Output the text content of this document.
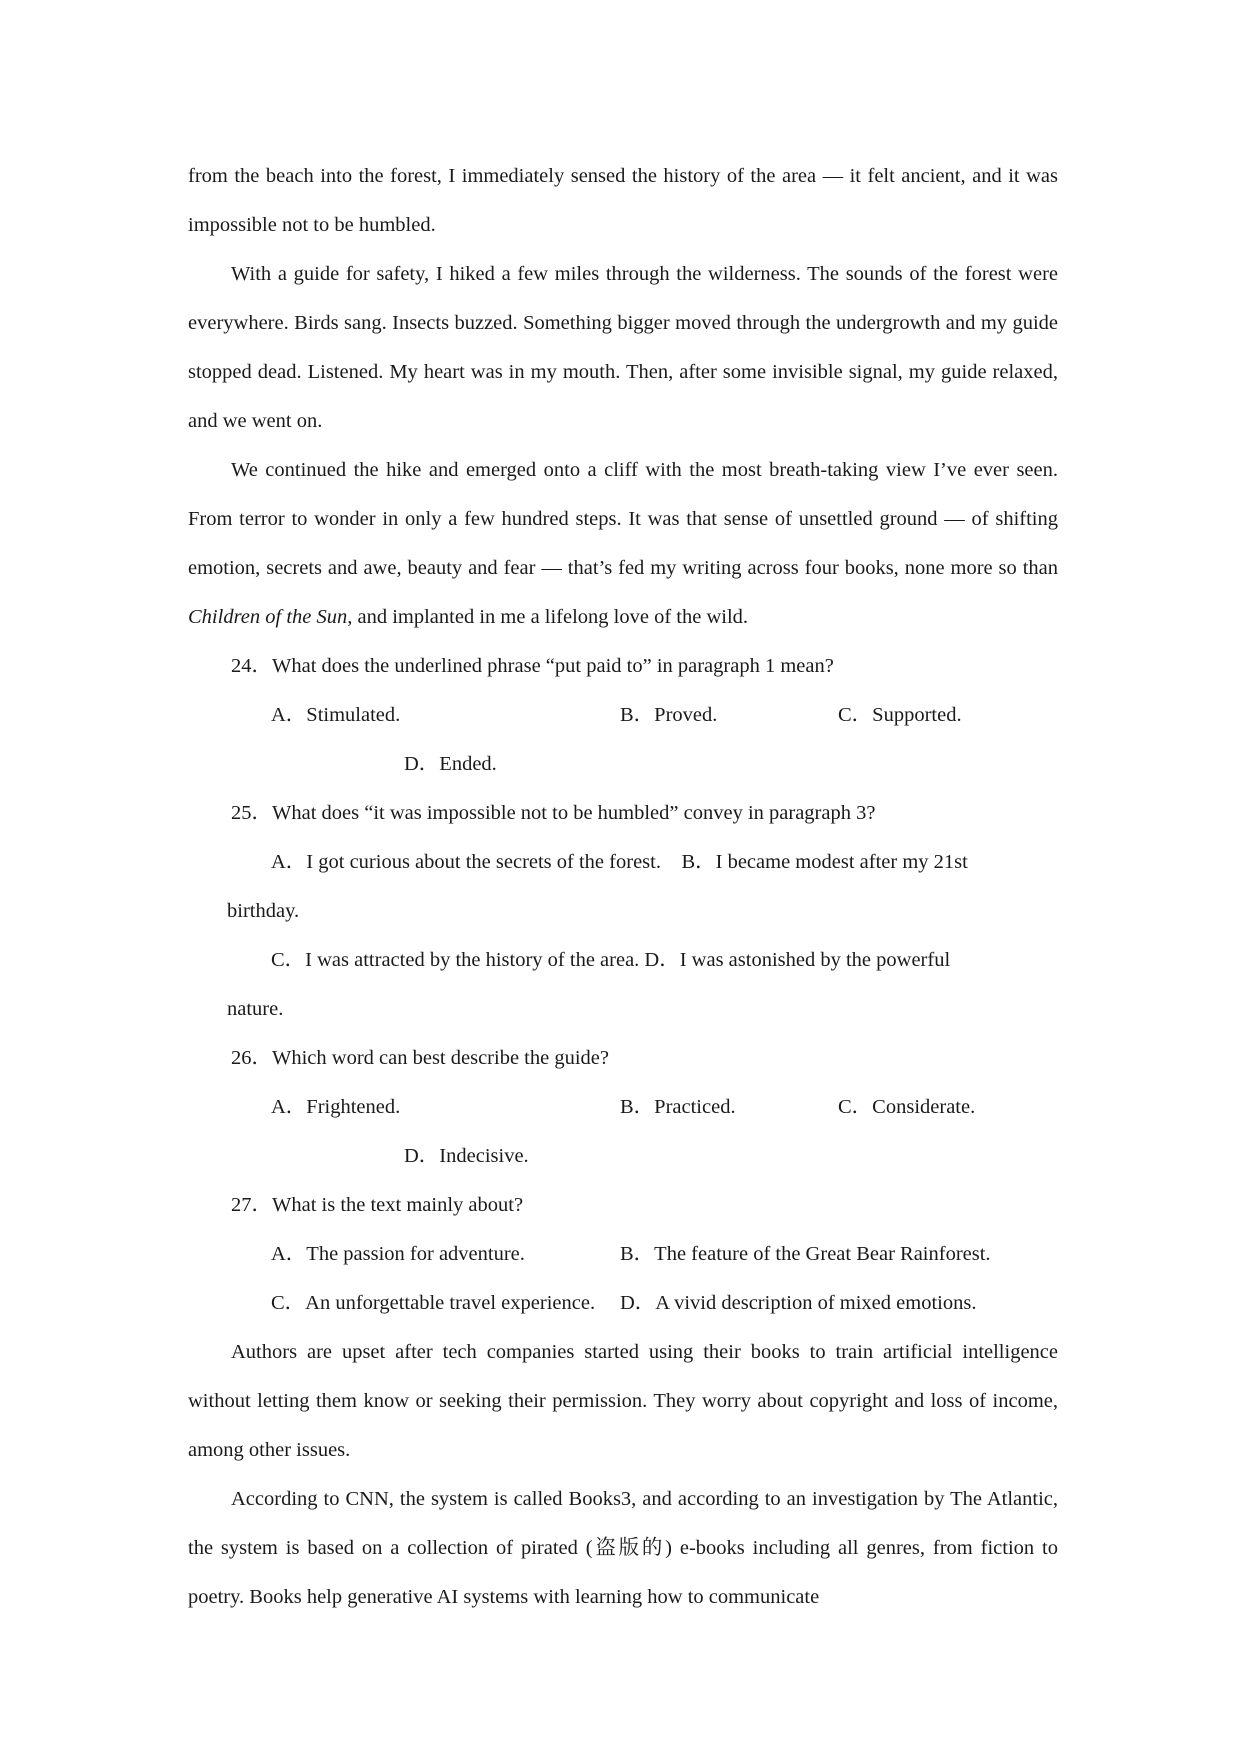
from the beach into the forest, I immediately sensed the history of the area — it felt ancient, and it was impossible not to be humbled.

With a guide for safety, I hiked a few miles through the wilderness. The sounds of the forest were everywhere. Birds sang. Insects buzzed. Something bigger moved through the undergrowth and my guide stopped dead. Listened. My heart was in my mouth. Then, after some invisible signal, my guide relaxed, and we went on.

We continued the hike and emerged onto a cliff with the most breath-taking view I’ve ever seen. From terror to wonder in only a few hundred steps. It was that sense of unsettled ground — of shifting emotion, secrets and awe, beauty and fear — that’s fed my writing across four books, none more so than Children of the Sun, and implanted in me a lifelong love of the wild.

24．What does the underlined phrase “put paid to” in paragraph 1 mean?

A．Stimulated.	B．Proved.	C．Supported.
D．Ended.

25．What does “it was impossible not to be humbled” convey in paragraph 3?

A．I got curious about the secrets of the forest.　B．I became modest after my 21st

birthday.

C．I was attracted by the history of the area. D．I was astonished by the powerful

nature.

26．Which word can best describe the guide?

A．Frightened.	B．Practiced.	C．Considerate.
D．Indecisive.

27．What is the text mainly about?

A．The passion for adventure.	B．The feature of the Great Bear Rainforest.
C．An unforgettable travel experience. D．A vivid description of mixed emotions.

Authors are upset after tech companies started using their books to train artificial intelligence without letting them know or seeking their permission. They worry about copyright and loss of income, among other issues.

According to CNN, the system is called Books3, and according to an investigation by The Atlantic, the system is based on a collection of pirated (盗版的) e-books including all genres, from fiction to poetry. Books help generative AI systems with learning how to communicate
